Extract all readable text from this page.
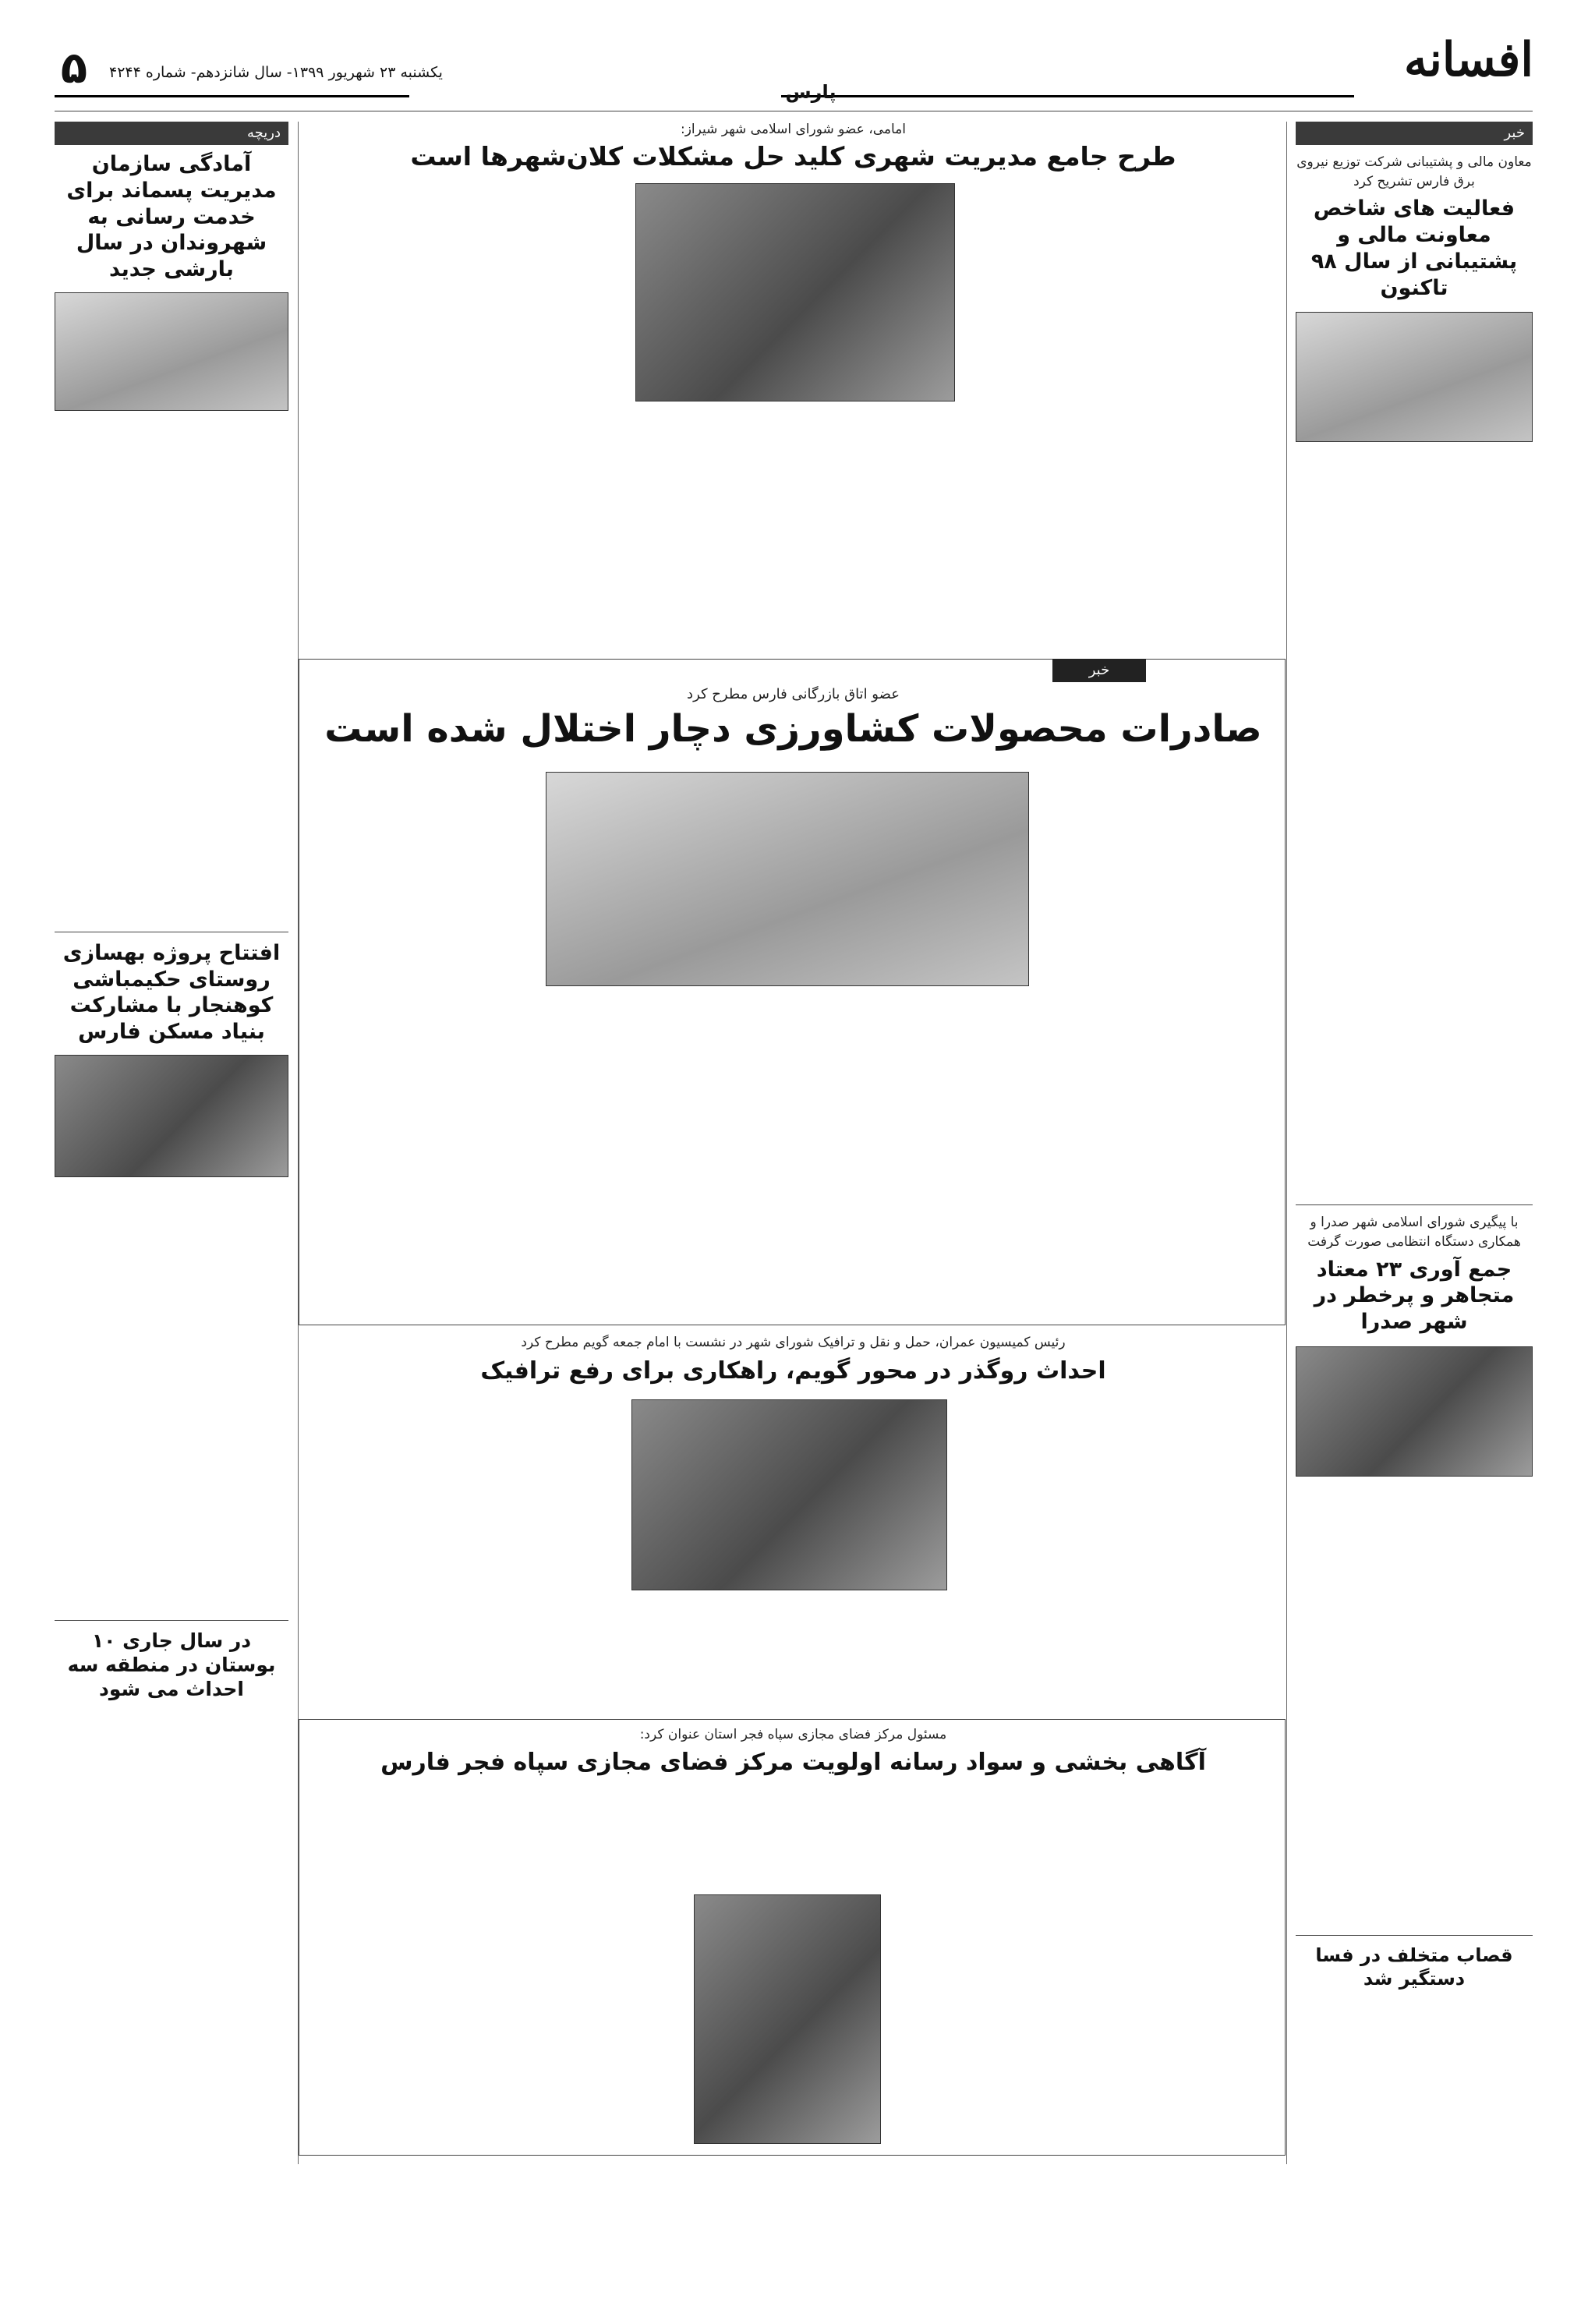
افسانه
یکشنبه ۲۳ شهریور ۱۳۹۹- سال شانزدهم- شماره ۴۲۴۴
۵	پارس
خبر
معاون مالی و پشتیبانی شرکت توزیع نیروی برق فارس تشریح کرد
فعالیت های شاخص معاونت مالی و پشتیبانی از سال ۹۸ تاکنون
با پیگیری شورای اسلامی شهر صدرا و همکاری دستگاه انتظامی صورت گرفت
جمع آوری ۲۳ معتاد متجاهر و پرخطر در شهر صدرا
قصاب متخلف در فسا دستگیر شد
دریچه
آمادگی سازمان مدیریت پسماند برای خدمت رسانی به شهروندان در سال بارشی جدید
افتتاح پروژه بهسازی روستای حکیمباشی کوهنجار با مشارکت بنیاد مسکن فارس
در سال جاری ۱۰ بوستان در منطقه سه احداث می شود
امامی، عضو شورای اسلامی شهر شیراز:
طرح جامع مدیریت شهری کلید حل مشکلات کلان‌شهرها است
خبر
عضو اتاق بازرگانی فارس مطرح کرد
صادرات محصولات کشاورزی دچار اختلال شده است
رئیس کمیسیون عمران، حمل و نقل و ترافیک شورای شهر در نشست با امام جمعه گویم مطرح کرد
احداث روگذر در محور گویم، راهکاری برای رفع ترافیک
مسئول مرکز فضای مجازی سپاه فجر استان عنوان کرد:
آگاهی بخشی و سواد رسانه اولویت مرکز فضای مجازی سپاه فجر فارس
